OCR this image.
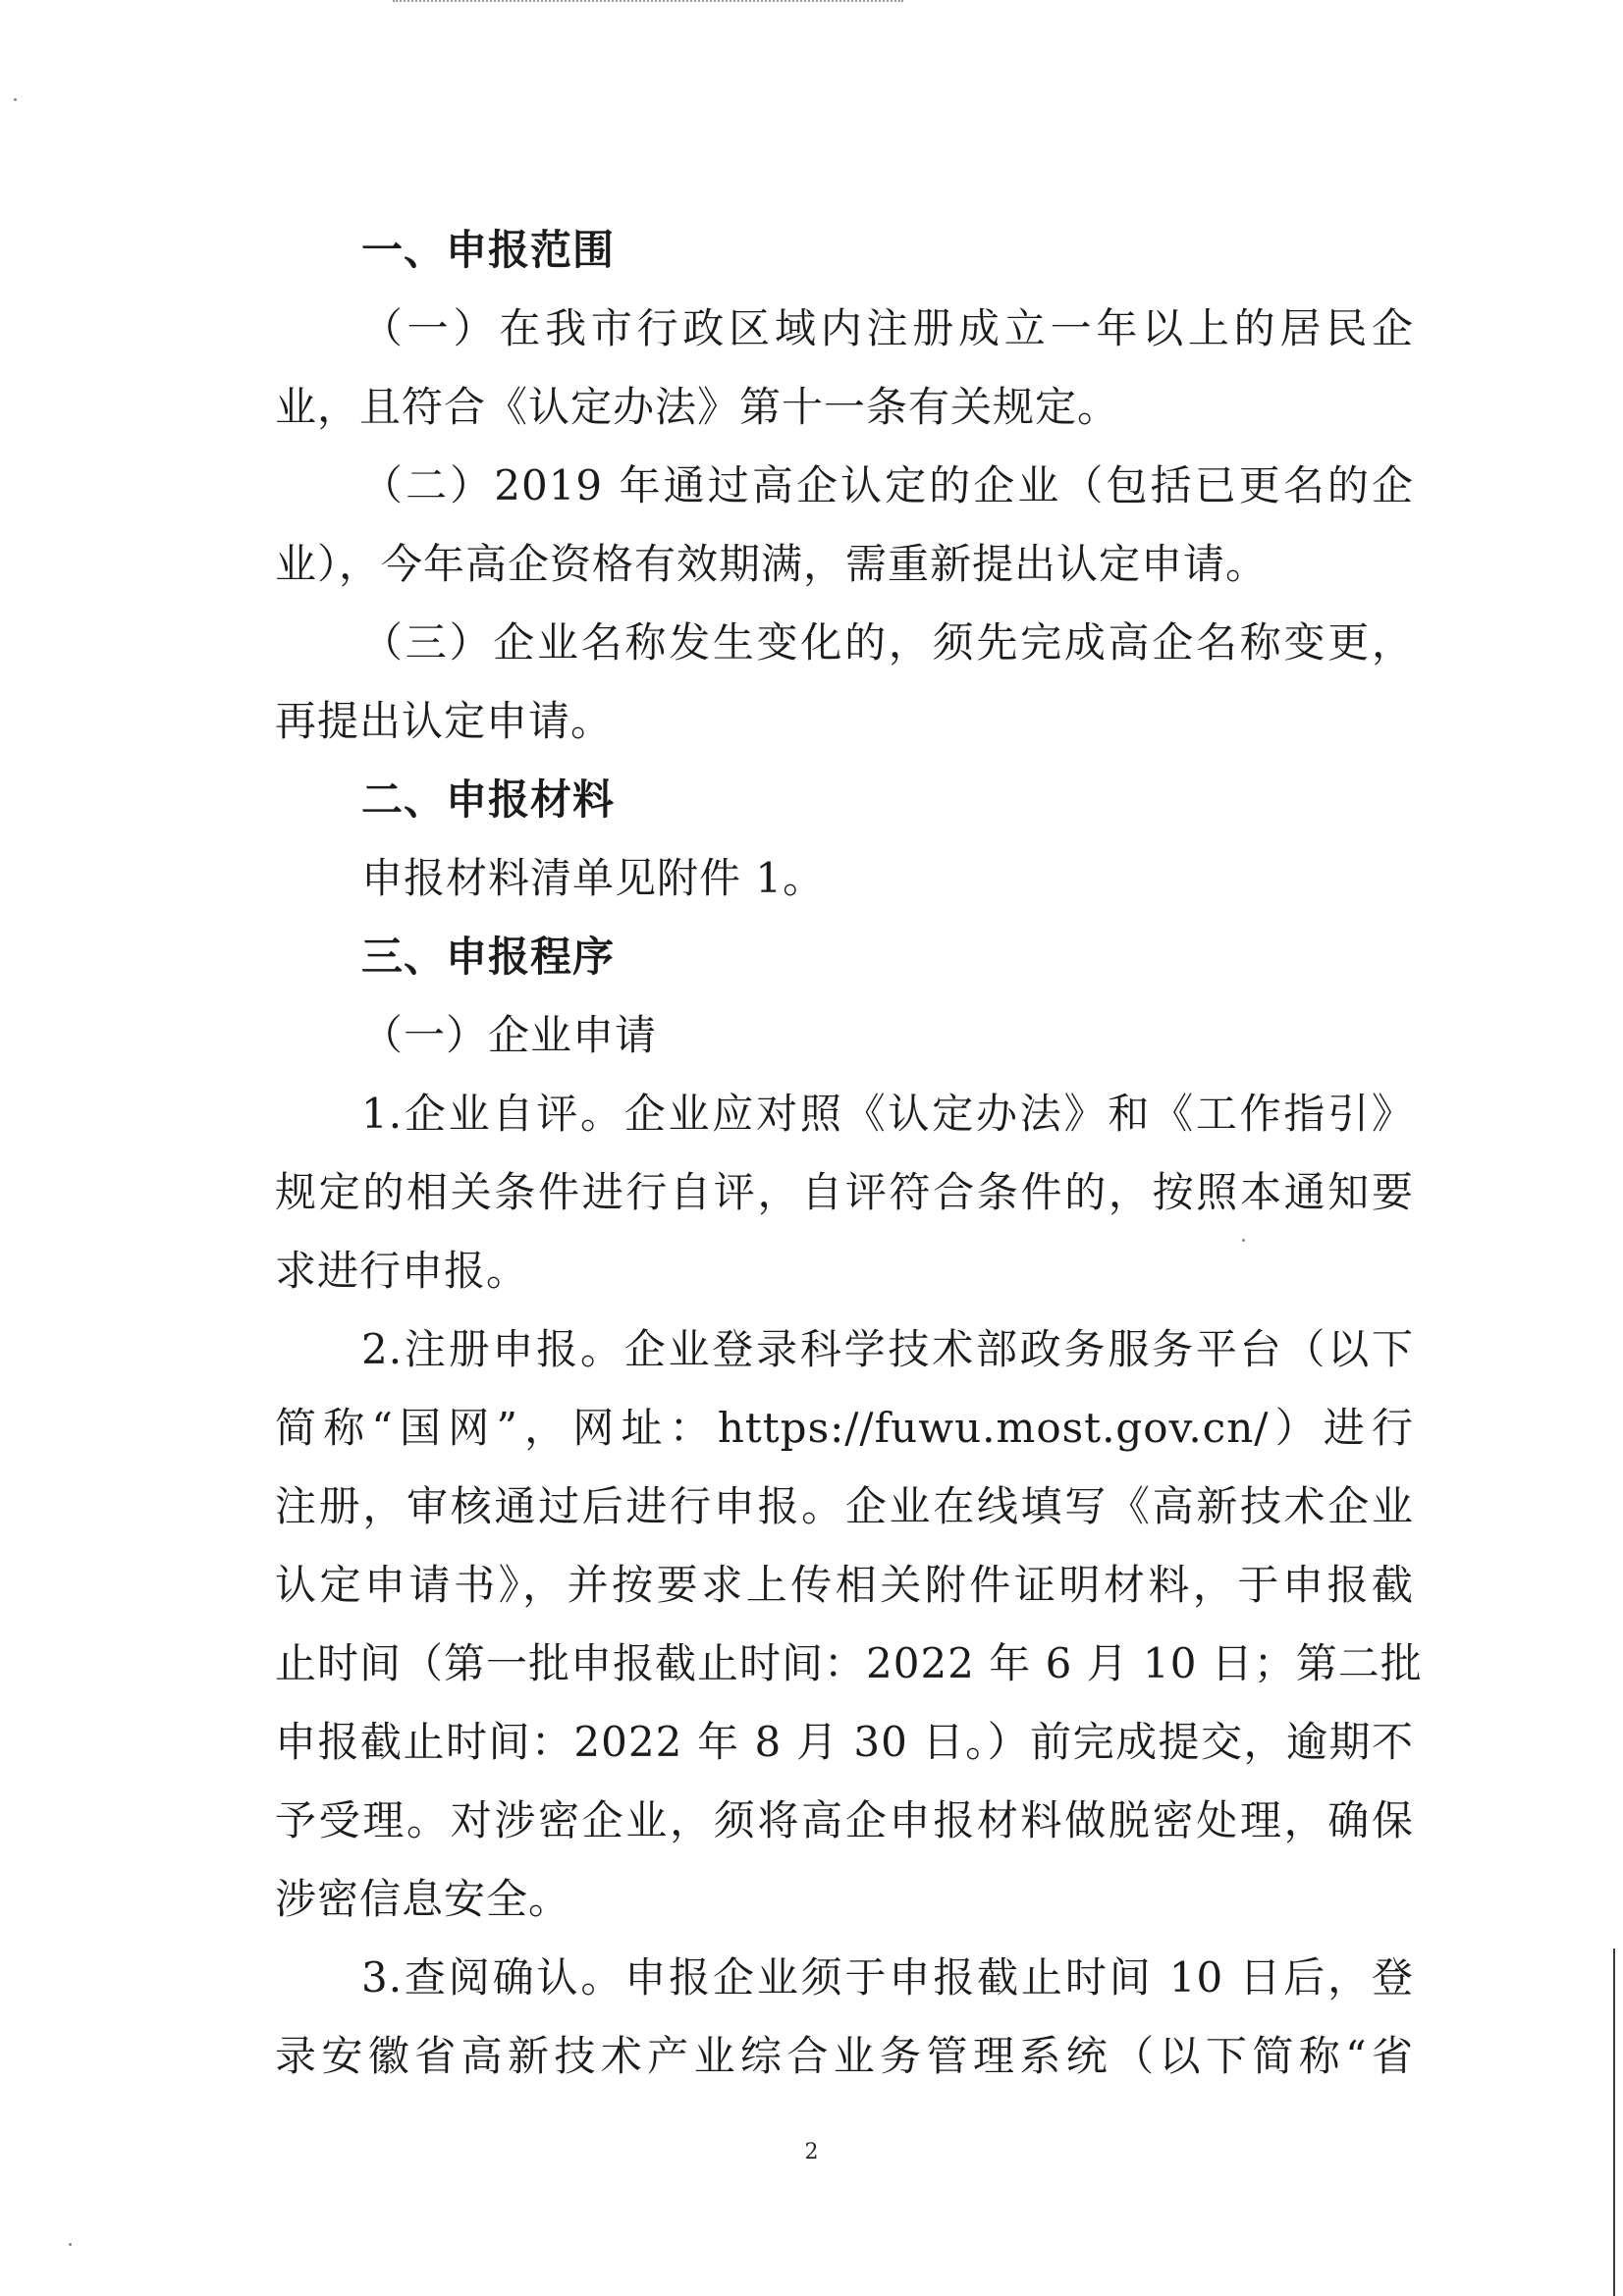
一、申报范围
（一）在我市行政区域内注册成立一年以上的居民企
业，且符合《认定办法》第十一条有关规定。
（二）2019 年通过高企认定的企业（包括已更名的企
业），今年高企资格有效期满，需重新提出认定申请。
（三）企业名称发生变化的，须先完成高企名称变更，
再提出认定申请。
二、申报材料
申报材料清单见附件 1。
三、申报程序
（一）企业申请
1.企业自评。企业应对照《认定办法》和《工作指引》
规定的相关条件进行自评，自评符合条件的，按照本通知要
求进行申报。
2.注册申报。企业登录科学技术部政务服务平台（以下
简称“国网”，网址：https://fuwu.most.gov.cn/）进行
注册，审核通过后进行申报。企业在线填写《高新技术企业
认定申请书》，并按要求上传相关附件证明材料，于申报截
止时间（第一批申报截止时间：2022 年 6 月 10 日；第二批
申报截止时间：2022 年 8 月 30 日。）前完成提交，逾期不
予受理。对涉密企业，须将高企申报材料做脱密处理，确保
涉密信息安全。
3.查阅确认。申报企业须于申报截止时间 10 日后，登
录安徽省高新技术产业综合业务管理系统（以下简称“省
2
